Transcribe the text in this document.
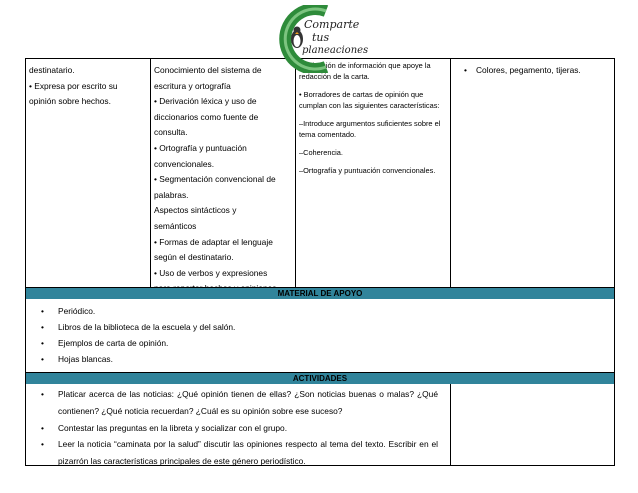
destinatario.
• Expresa por escrito su
opinión sobre hechos.
Conocimiento del sistema de
escritura y ortografía
• Derivación léxica y uso de
diccionarios como fuente de
consulta.
• Ortografía y puntuación
convencionales.
• Segmentación convencional de
palabras.
Aspectos sintácticos y
semánticos
• Formas de adaptar el lenguaje
según el destinatario.
• Uso de verbos y expresiones

• Selección de información que apoye la redacción de la carta.

• Borradores de cartas de opinión que cumplan con las siguientes características:

–Introduce argumentos suficientes sobre el tema comentado.

–Coherencia.

–Ortografía y puntuación convencionales.

• Colores, pegamento, tijeras.
MATERIAL DE APOYO
• Periódico.
• Libros de la biblioteca de la escuela y del salón.
• Ejemplos de carta de opinión.
• Hojas blancas.
ACTIVIDADES
• Platicar acerca de las noticias: ¿Qué opinión tienen de ellas? ¿Son noticias buenas o malas? ¿Qué contienen? ¿Qué noticia recuerdan? ¿Cuál es su opinión sobre ese suceso?
• Contestar las preguntas en la libreta y socializar con el grupo.
• Leer la noticia “caminata por la salud” discutir las opiniones respecto al tema del texto. Escribir en el pizarrón las características principales de este género periodístico.
Comparte
tus
planeaciones
